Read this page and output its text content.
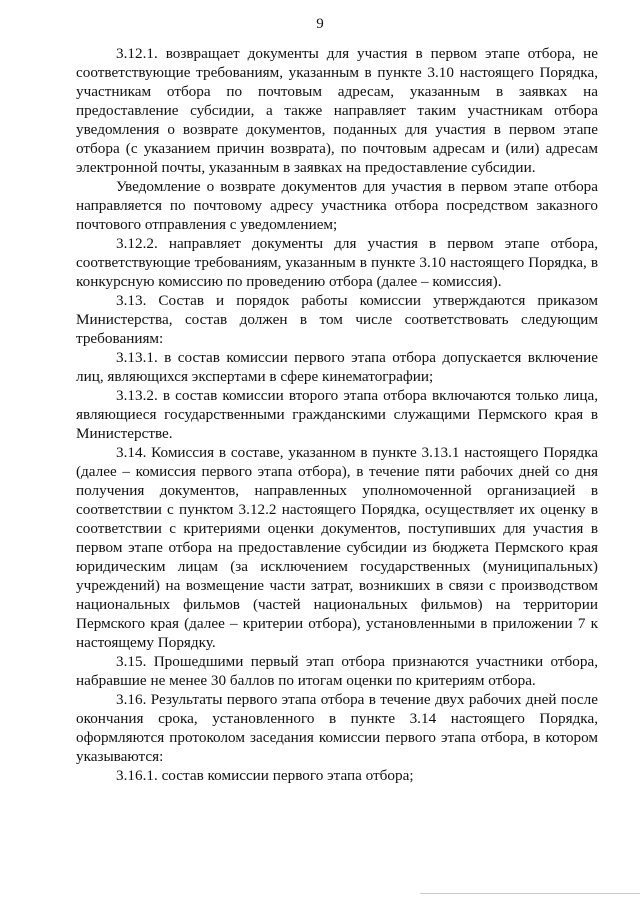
9

3.12.1. возвращает документы для участия в первом этапе отбора, не соответствующие требованиям, указанным в пункте 3.10 настоящего Порядка, участникам отбора по почтовым адресам, указанным в заявках на предоставление субсидии, а также направляет таким участникам отбора уведомления о возврате документов, поданных для участия в первом этапе отбора (с указанием причин возврата), по почтовым адресам и (или) адресам электронной почты, указанным в заявках на предоставление субсидии.

Уведомление о возврате документов для участия в первом этапе отбора направляется по почтовому адресу участника отбора посредством заказного почтового отправления с уведомлением;

3.12.2. направляет документы для участия в первом этапе отбора, соответствующие требованиям, указанным в пункте 3.10 настоящего Порядка, в конкурсную комиссию по проведению отбора (далее – комиссия).

3.13. Состав и порядок работы комиссии утверждаются приказом Министерства, состав должен в том числе соответствовать следующим требованиям:

3.13.1. в состав комиссии первого этапа отбора допускается включение лиц, являющихся экспертами в сфере кинематографии;

3.13.2. в состав комиссии второго этапа отбора включаются только лица, являющиеся государственными гражданскими служащими Пермского края в Министерстве.

3.14. Комиссия в составе, указанном в пункте 3.13.1 настоящего Порядка (далее – комиссия первого этапа отбора), в течение пяти рабочих дней со дня получения документов, направленных уполномоченной организацией в соответствии с пунктом 3.12.2 настоящего Порядка, осуществляет их оценку в соответствии с критериями оценки документов, поступивших для участия в первом этапе отбора на предоставление субсидии из бюджета Пермского края юридическим лицам (за исключением государственных (муниципальных) учреждений) на возмещение части затрат, возникших в связи с производством национальных фильмов (частей национальных фильмов) на территории Пермского края (далее – критерии отбора), установленными в приложении 7 к настоящему Порядку.

3.15. Прошедшими первый этап отбора признаются участники отбора, набравшие не менее 30 баллов по итогам оценки по критериям отбора.

3.16. Результаты первого этапа отбора в течение двух рабочих дней после окончания срока, установленного в пункте 3.14 настоящего Порядка, оформляются протоколом заседания комиссии первого этапа отбора, в котором указываются:

3.16.1. состав комиссии первого этапа отбора;
